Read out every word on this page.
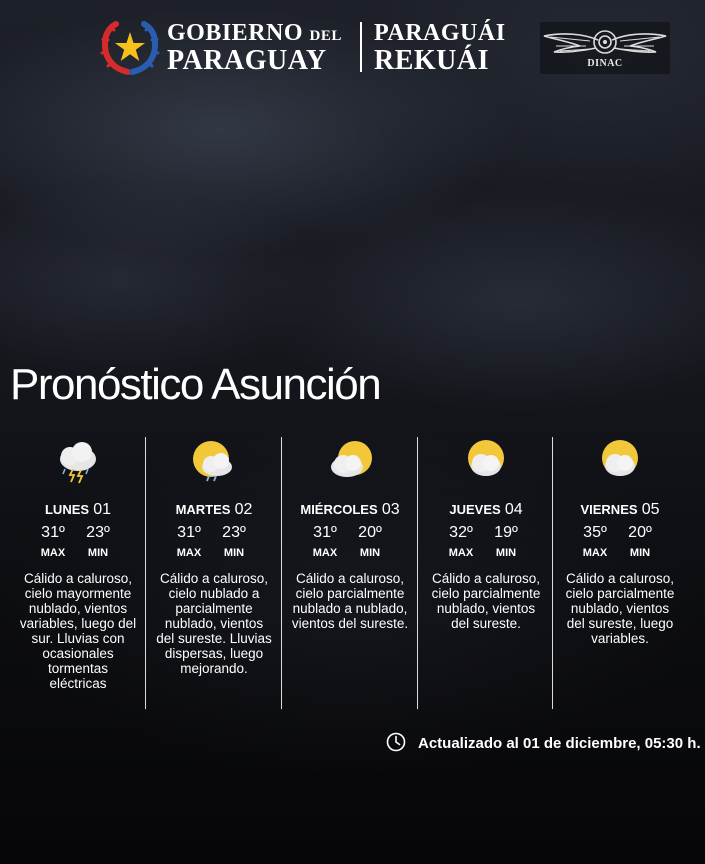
GOBIERNO DEL
PARAGUAY
PARAGUÁI
REKUÁI	DINAC
Pronóstico Asunción
LUNES 01
31º	23º
MAX	MIN
Cálido a caluroso, cielo mayormente nublado, vientos variables, luego del sur. Lluvias con ocasionales tormentas eléctricas
MARTES 02
31º	23º
MAX	MIN
Cálido a caluroso, cielo nublado a parcialmente nublado, vientos del sureste. Lluvias dispersas, luego mejorando.
MIÉRCOLES 03
31º	20º
MAX	MIN
Cálido a caluroso, cielo parcialmente nublado a nublado, vientos del sureste.
JUEVES 04
32º	19º
MAX	MIN
Cálido a caluroso, cielo parcialmente nublado, vientos del sureste.
VIERNES 05
35º	20º
MAX	MIN
Cálido a caluroso, cielo parcialmente nublado, vientos del sureste, luego variables.
Actualizado al 01 de diciembre, 05:30 h.
